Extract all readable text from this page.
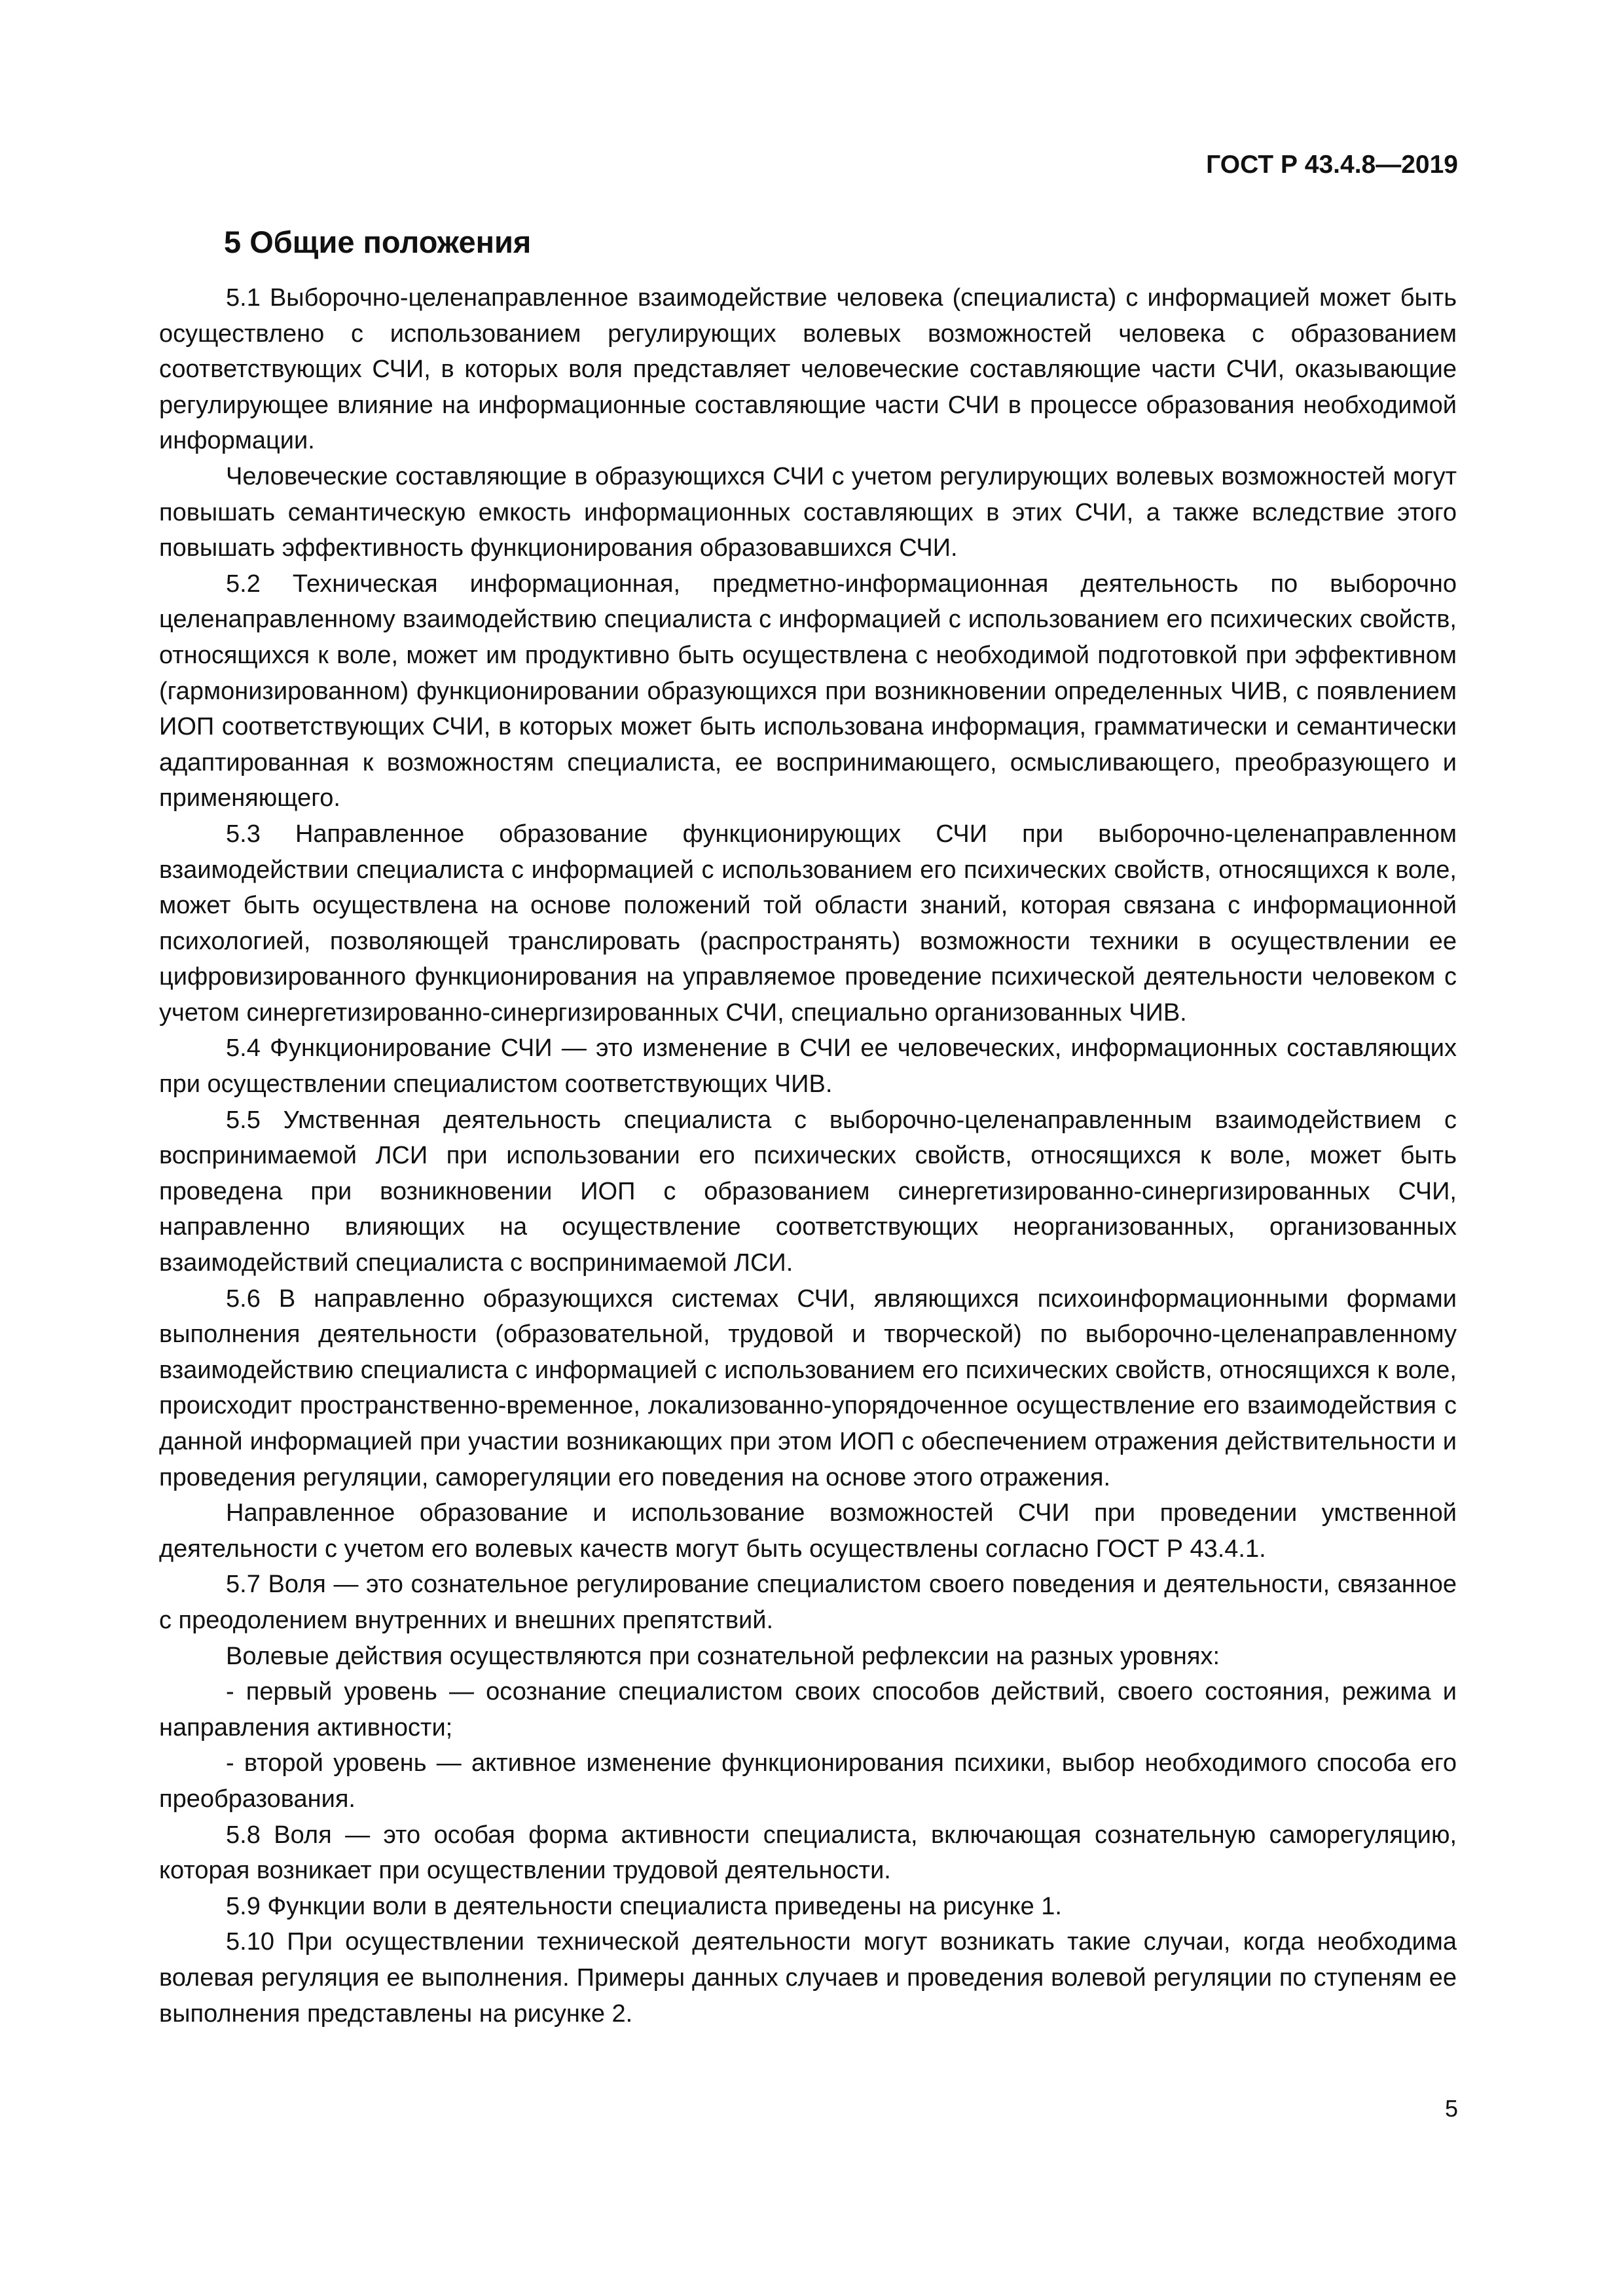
ГОСТ Р 43.4.8—2019
5 Общие положения

5.1 Выборочно-целенаправленное взаимодействие человека (специалиста) с информацией может быть осуществлено с использованием регулирующих волевых возможностей человека с образованием соответствующих СЧИ, в которых воля представляет человеческие составляющие части СЧИ, оказывающие регулирующее влияние на информационные составляющие части СЧИ в процессе образования необходимой информации.

Человеческие составляющие в образующихся СЧИ с учетом регулирующих волевых возможностей могут повышать семантическую емкость информационных составляющих в этих СЧИ, а также вследствие этого повышать эффективность функционирования образовавшихся СЧИ.

5.2 Техническая информационная, предметно-информационная деятельность по выборочно целенаправленному взаимодействию специалиста с информацией с использованием его психических свойств, относящихся к воле, может им продуктивно быть осуществлена с необходимой подготовкой при эффективном (гармонизированном) функционировании образующихся при возникновении определенных ЧИВ, с появлением ИОП соответствующих СЧИ, в которых может быть использована информация, грамматически и семантически адаптированная к возможностям специалиста, ее воспринимающего, осмысливающего, преобразующего и применяющего.

5.3 Направленное образование функционирующих СЧИ при выборочно-целенаправленном взаимодействии специалиста с информацией с использованием его психических свойств, относящихся к воле, может быть осуществлена на основе положений той области знаний, которая связана с информационной психологией, позволяющей транслировать (распространять) возможности техники в осуществлении ее цифровизированного функционирования на управляемое проведение психической деятельности человеком с учетом синергетизированно-синергизированных СЧИ, специально организованных ЧИВ.

5.4 Функционирование СЧИ — это изменение в СЧИ ее человеческих, информационных составляющих при осуществлении специалистом соответствующих ЧИВ.

5.5 Умственная деятельность специалиста с выборочно-целенаправленным взаимодействием с воспринимаемой ЛСИ при использовании его психических свойств, относящихся к воле, может быть проведена при возникновении ИОП с образованием синергетизированно-синергизированных СЧИ, направленно влияющих на осуществление соответствующих неорганизованных, организованных взаимодействий специалиста с воспринимаемой ЛСИ.

5.6 В направленно образующихся системах СЧИ, являющихся психоинформационными формами выполнения деятельности (образовательной, трудовой и творческой) по выборочно-целенаправленному взаимодействию специалиста с информацией с использованием его психических свойств, относящихся к воле, происходит пространственно-временное, локализованно-упорядоченное осуществление его взаимодействия с данной информацией при участии возникающих при этом ИОП с обеспечением отражения действительности и проведения регуляции, саморегуляции его поведения на основе этого отражения.

Направленное образование и использование возможностей СЧИ при проведении умственной деятельности с учетом его волевых качеств могут быть осуществлены согласно ГОСТ Р 43.4.1.

5.7 Воля — это сознательное регулирование специалистом своего поведения и деятельности, связанное с преодолением внутренних и внешних препятствий.

Волевые действия осуществляются при сознательной рефлексии на разных уровнях:

- первый уровень — осознание специалистом своих способов действий, своего состояния, режима и направления активности;

- второй уровень — активное изменение функционирования психики, выбор необходимого способа его преобразования.

5.8 Воля — это особая форма активности специалиста, включающая сознательную саморегуляцию, которая возникает при осуществлении трудовой деятельности.

5.9 Функции воли в деятельности специалиста приведены на рисунке 1.

5.10 При осуществлении технической деятельности могут возникать такие случаи, когда необходима волевая регуляция ее выполнения. Примеры данных случаев и проведения волевой регуляции по ступеням ее выполнения представлены на рисунке 2.

5
